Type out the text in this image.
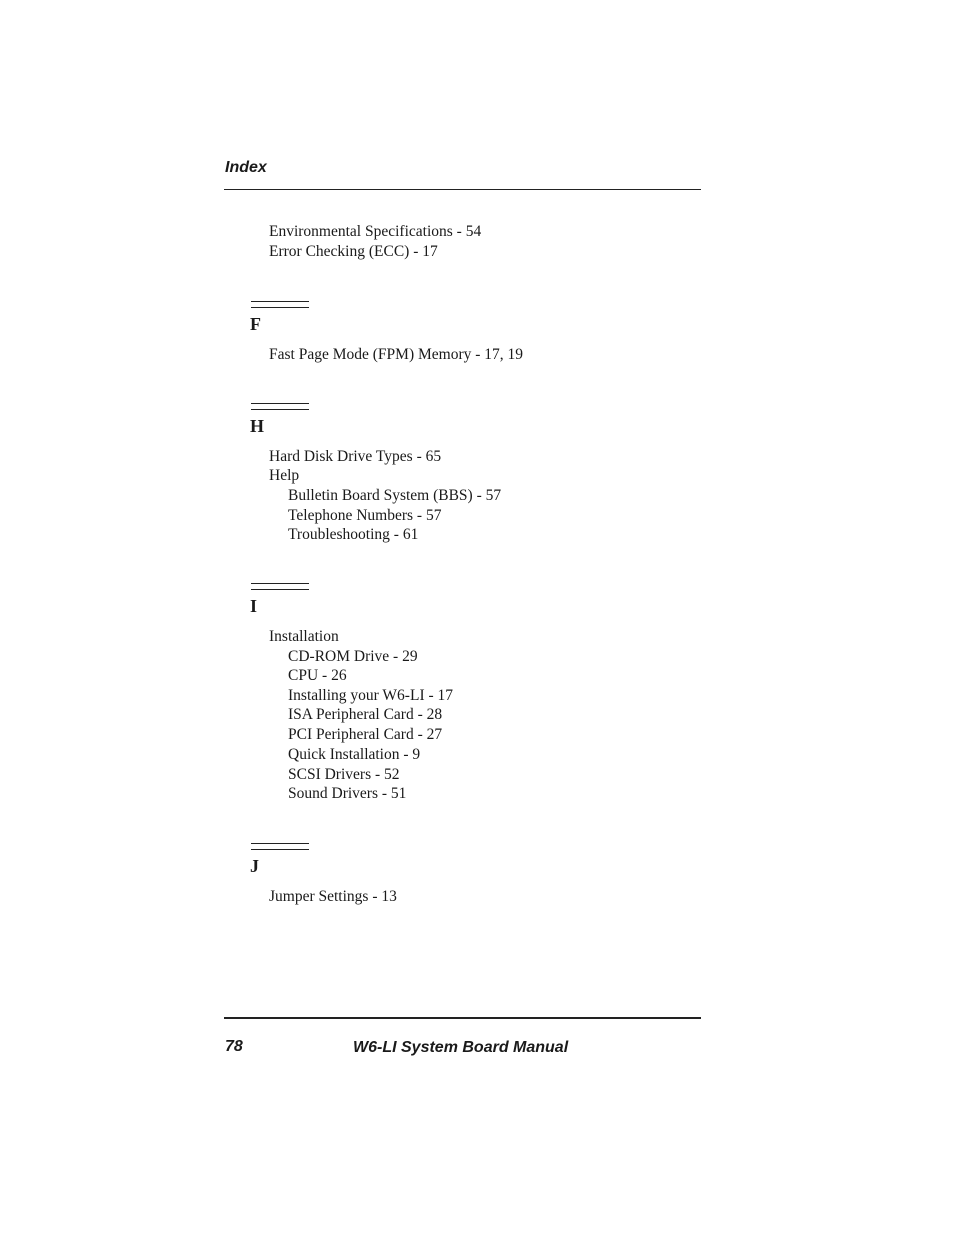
Index
Environmental Specifications - 54
Error Checking (ECC) - 17
F
Fast Page Mode (FPM) Memory - 17, 19
H
Hard Disk Drive Types - 65
Help
Bulletin Board System (BBS) - 57
Telephone Numbers - 57
Troubleshooting - 61
I
Installation
CD-ROM Drive - 29
CPU - 26
Installing your W6-LI - 17
ISA Peripheral Card - 28
PCI Peripheral Card - 27
Quick Installation - 9
SCSI Drivers - 52
Sound Drivers - 51
J
Jumper Settings - 13
78	W6-LI System Board Manual
